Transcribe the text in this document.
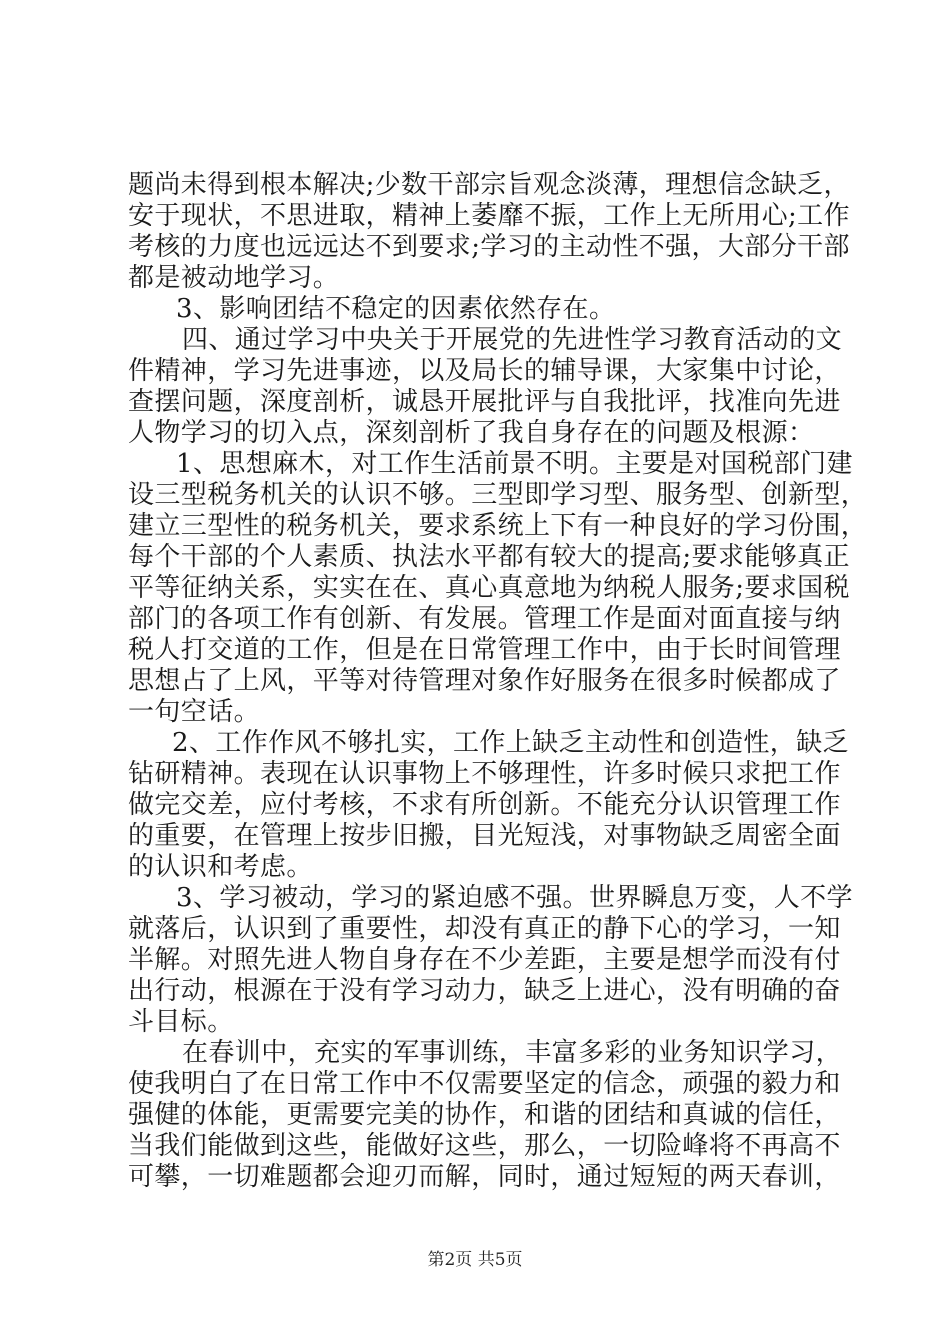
题尚未得到根本解决;少数干部宗旨观念淡薄，理想信念缺乏，
安于现状，不思进取，精神上萎靡不振，工作上无所用心;工作
考核的力度也远远达不到要求;学习的主动性不强，大部分干部
都是被动地学习。
3、影响团结不稳定的因素依然存在。
四、通过学习中央关于开展党的先进性学习教育活动的文
件精神，学习先进事迹，以及局长的辅导课，大家集中讨论，
查摆问题，深度剖析，诚恳开展批评与自我批评，找准向先进
人物学习的切入点，深刻剖析了我自身存在的问题及根源：
1、思想麻木，对工作生活前景不明。主要是对国税部门建
设三型税务机关的认识不够。三型即学习型、服务型、创新型，
建立三型性的税务机关，要求系统上下有一种良好的学习份围，
每个干部的个人素质、执法水平都有较大的提高;要求能够真正
平等征纳关系，实实在在、真心真意地为纳税人服务;要求国税
部门的各项工作有创新、有发展。管理工作是面对面直接与纳
税人打交道的工作，但是在日常管理工作中，由于长时间管理
思想占了上风，平等对待管理对象作好服务在很多时候都成了
一句空话。
2、工作作风不够扎实，工作上缺乏主动性和创造性，缺乏
钻研精神。表现在认识事物上不够理性，许多时候只求把工作
做完交差，应付考核，不求有所创新。不能充分认识管理工作
的重要，在管理上按步旧搬，目光短浅，对事物缺乏周密全面
的认识和考虑。
3、学习被动，学习的紧迫感不强。世界瞬息万变，人不学
就落后，认识到了重要性，却没有真正的静下心的学习，一知
半解。对照先进人物自身存在不少差距，主要是想学而没有付
出行动，根源在于没有学习动力，缺乏上进心，没有明确的奋
斗目标。
在春训中，充实的军事训练，丰富多彩的业务知识学习，
使我明白了在日常工作中不仅需要坚定的信念，顽强的毅力和
强健的体能，更需要完美的协作，和谐的团结和真诚的信任，
当我们能做到这些，能做好这些，那么，一切险峰将不再高不
可攀，一切难题都会迎刃而解，同时，通过短短的两天春训，
第2页 共5页
